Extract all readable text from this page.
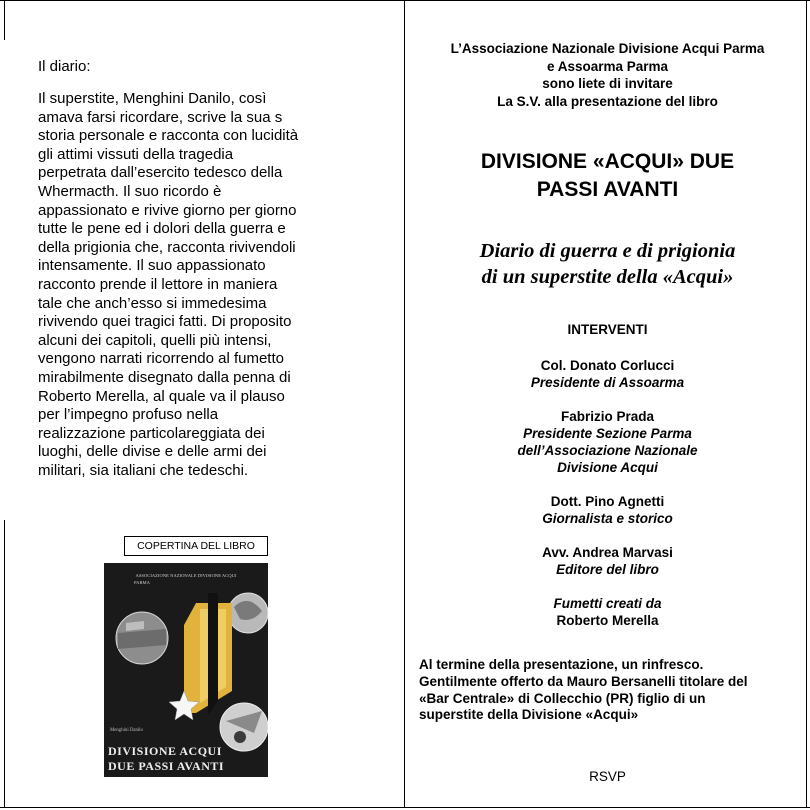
Il diario:
Il superstite, Menghini Danilo, così
amava farsi ricordare, scrive la sua s
storia personale e racconta con lucidità
gli attimi vissuti della tragedia
perpetrata dall’esercito tedesco della
Whermacth. Il suo ricordo è
appassionato e rivive giorno per giorno
tutte le pene ed i dolori della guerra e
della prigionia che, racconta rivivendoli
intensamente. Il suo appassionato
racconto prende il lettore in maniera
tale che anch’esso si immedesima
rivivendo quei tragici fatti. Di proposito
alcuni dei capitoli, quelli più intensi,
vengono narrati ricorrendo al fumetto
mirabilmente disegnato dalla penna di
Roberto Merella, al quale va il plauso
per l’impegno profuso nella
realizzazione particolareggiata dei
luoghi, delle divise e delle armi dei
militari, sia italiani che tedeschi.
COPERTINA DEL LIBRO
ASSOCIAZIONE NAZIONALE DIVISIONE ACQUI
PARMA
Menghini Danilo
DIVISIONE ACQUI
DUE PASSI AVANTI
L’Associazione Nazionale Divisione Acqui Parma
e Assoarma Parma
sono liete di invitare
La S.V. alla presentazione del libro
DIVISIONE «ACQUI» DUE
PASSI AVANTI
Diario di guerra e di prigionia
di un superstite della «Acqui»
INTERVENTI
Col. Donato Corlucci
Presidente di Assoarma
Fabrizio Prada
Presidente Sezione Parma
dell’Associazione Nazionale
Divisione Acqui
Dott. Pino Agnetti
Giornalista e storico
Avv. Andrea Marvasi
Editore del libro
Fumetti creati da
Roberto Merella
Al termine della presentazione, un rinfresco.
Gentilmente offerto da Mauro Bersanelli titolare del
«Bar Centrale» di Collecchio (PR) figlio di un
superstite della Divisione «Acqui»
RSVP
